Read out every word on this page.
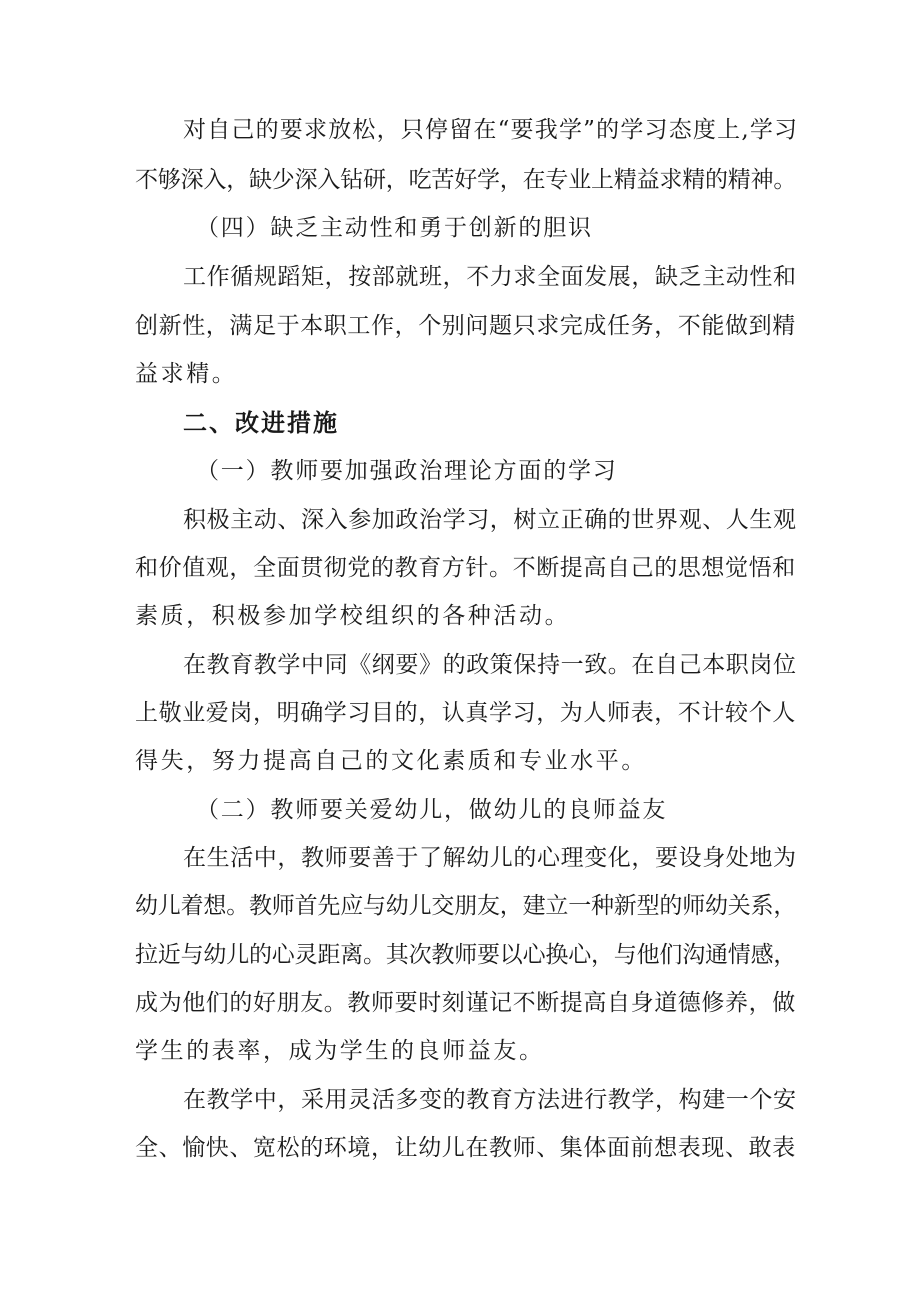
对自己的要求放松，只停留在“要我学”的学习态度上,学习
不够深入，缺少深入钻研，吃苦好学，在专业上精益求精的精神。
（四）缺乏主动性和勇于创新的胆识
工作循规蹈矩，按部就班，不力求全面发展，缺乏主动性和
创新性，满足于本职工作，个别问题只求完成任务，不能做到精
益求精。
二、改进措施
（一）教师要加强政治理论方面的学习
积极主动、深入参加政治学习，树立正确的世界观、人生观
和价值观，全面贯彻党的教育方针。不断提高自己的思想觉悟和
素质，积极参加学校组织的各种活动。
在教育教学中同《纲要》的政策保持一致。在自己本职岗位
上敬业爱岗，明确学习目的，认真学习，为人师表，不计较个人
得失，努力提高自己的文化素质和专业水平。
（二）教师要关爱幼儿，做幼儿的良师益友
在生活中，教师要善于了解幼儿的心理变化，要设身处地为
幼儿着想。教师首先应与幼儿交朋友，建立一种新型的师幼关系，
拉近与幼儿的心灵距离。其次教师要以心换心，与他们沟通情感，
成为他们的好朋友。教师要时刻谨记不断提高自身道德修养，做
学生的表率，成为学生的良师益友。
在教学中，采用灵活多变的教育方法进行教学，构建一个安
全、愉快、宽松的环境，让幼儿在教师、集体面前想表现、敢表
